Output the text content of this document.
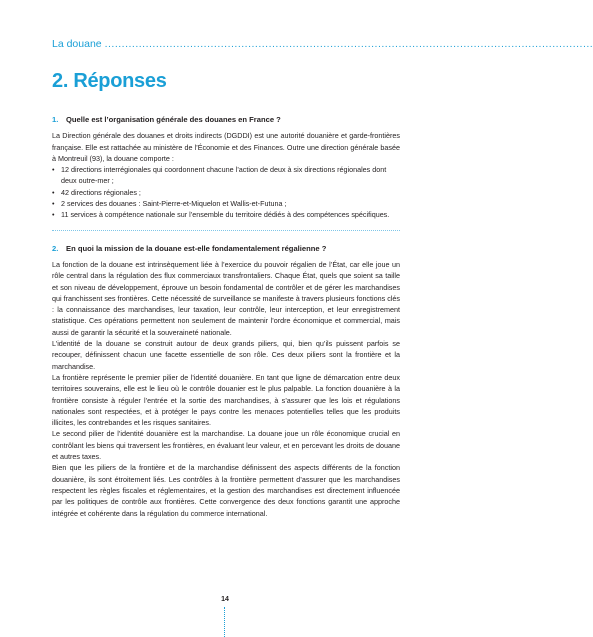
La douane ...............................................................................................................................................
2. Réponses
1. Quelle est l’organisation générale des douanes en France ?

La Direction générale des douanes et droits indirects (DGDDI) est une autorité douanière et garde-frontières française. Elle est rattachée au ministère de l’Économie et des Finances. Outre une direction générale basée à Montreuil (93), la douane comporte :

• 12 directions interrégionales qui coordonnent chacune l’action de deux à six directions régionales dont deux outre-mer ;
• 42 directions régionales ;
• 2 services des douanes : Saint-Pierre-et-Miquelon et Wallis-et-Futuna ;
• 11 services à compétence nationale sur l’ensemble du territoire dédiés à des compétences spécifiques.
2. En quoi la mission de la douane est-elle fondamentalement régalienne ?

La fonction de la douane est intrinsèquement liée à l’exercice du pouvoir régalien de l’État, car elle joue un rôle central dans la régulation des flux commerciaux transfrontaliers. Chaque État, quels que soient sa taille et son niveau de développement, éprouve un besoin fondamental de contrôler et de gérer les marchandises qui franchissent ses frontières. Cette nécessité de surveillance se manifeste à travers plusieurs fonctions clés : la connaissance des marchandises, leur taxation, leur contrôle, leur interception, et leur enregistrement statistique. Ces opérations permettent non seulement de maintenir l’ordre économique et commercial, mais aussi de garantir la sécurité et la souveraineté nationale.

L’identité de la douane se construit autour de deux grands piliers, qui, bien qu’ils puissent parfois se recouper, définissent chacun une facette essentielle de son rôle. Ces deux piliers sont la frontière et la marchandise.

La frontière représente le premier pilier de l’identité douanière. En tant que ligne de démarcation entre deux territoires souverains, elle est le lieu où le contrôle douanier est le plus palpable. La fonction douanière à la frontière consiste à réguler l’entrée et la sortie des marchandises, à s’assurer que les lois et régulations nationales sont respectées, et à protéger le pays contre les menaces potentielles telles que les produits illicites, les contrebandes et les risques sanitaires.

Le second pilier de l’identité douanière est la marchandise. La douane joue un rôle économique crucial en contrôlant les biens qui traversent les frontières, en évaluant leur valeur, et en percevant les droits de douane et autres taxes.

Bien que les piliers de la frontière et de la marchandise définissent des aspects différents de la fonction douanière, ils sont étroitement liés. Les contrôles à la frontière permettent d’assurer que les marchandises respectent les règles fiscales et réglementaires, et la gestion des marchandises est directement influencée par les politiques de contrôle aux frontières. Cette convergence des deux fonctions garantit une approche intégrée et cohérente dans la régulation du commerce international.

14
